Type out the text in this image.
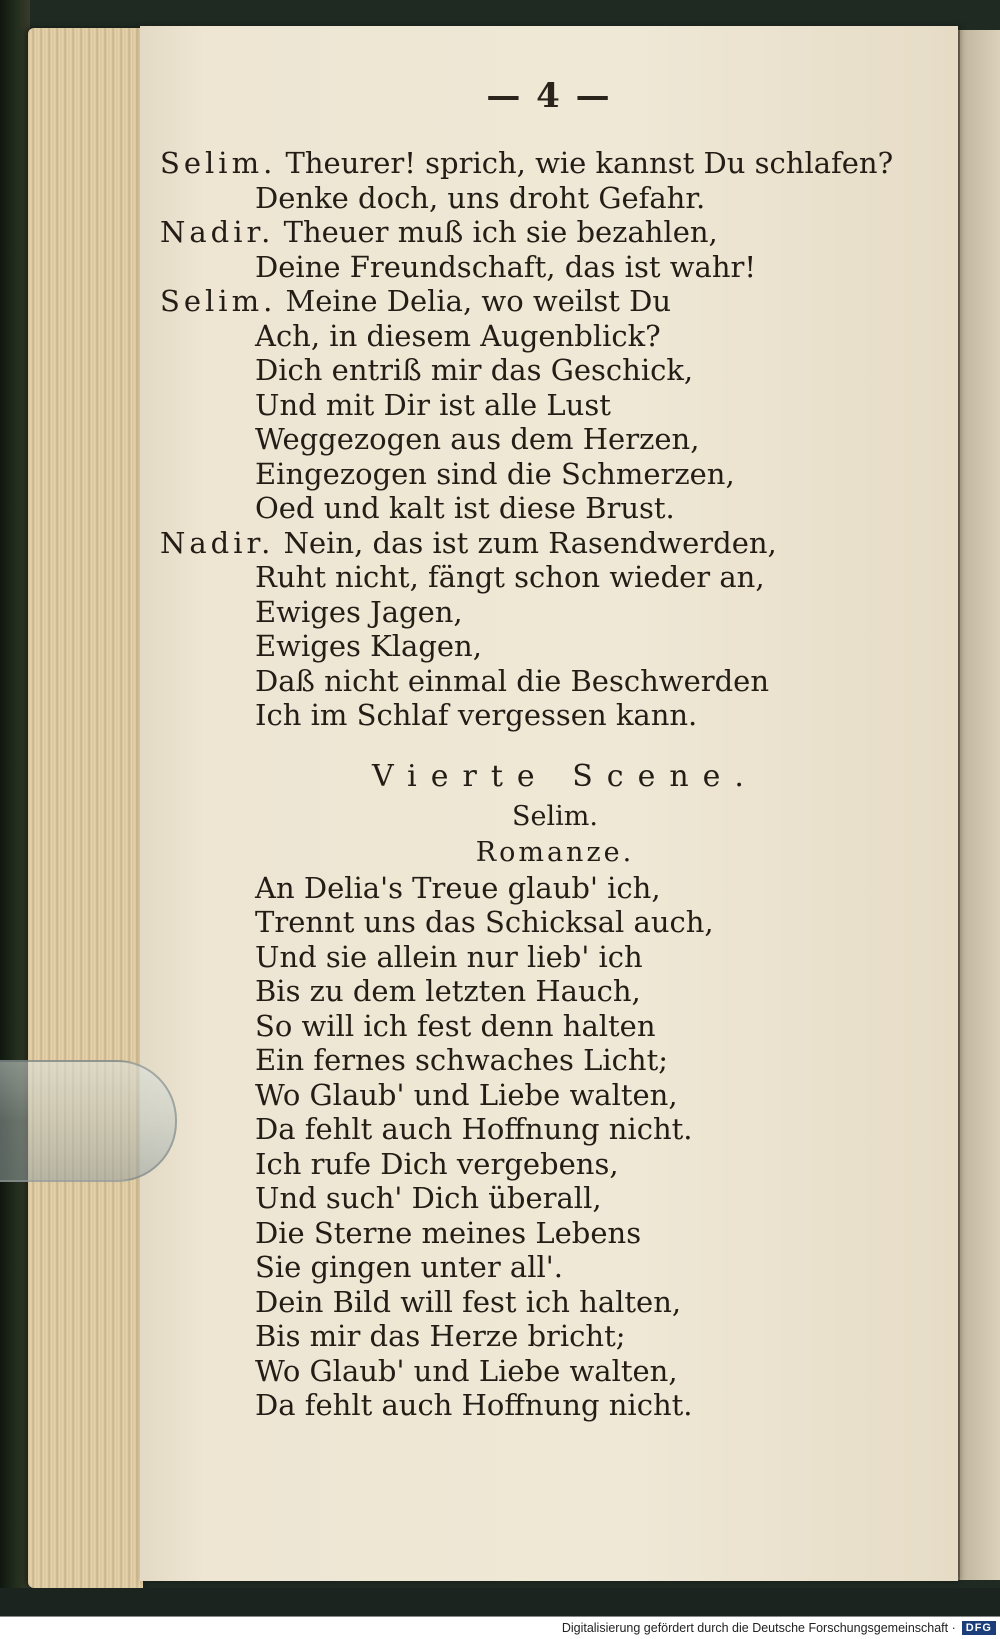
— 4 —
Selim. Theurer! sprich, wie kannst Du schlafen?
Denke doch, uns droht Gefahr.
Nadir. Theuer muß ich sie bezahlen,
Deine Freundschaft, das ist wahr!
Selim. Meine Delia, wo weilst Du
Ach, in diesem Augenblick?
Dich entriß mir das Geschick,
Und mit Dir ist alle Lust
Weggezogen aus dem Herzen,
Eingezogen sind die Schmerzen,
Oed und kalt ist diese Brust.
Nadir. Nein, das ist zum Rasendwerden,
Ruht nicht, fängt schon wieder an,
Ewiges Jagen,
Ewiges Klagen,
Daß nicht einmal die Beschwerden
Ich im Schlaf vergessen kann.
Vierte Scene.
Selim.
Romanze.
An Delia's Treue glaub' ich,
Trennt uns das Schicksal auch,
Und sie allein nur lieb' ich
Bis zu dem letzten Hauch,
So will ich fest denn halten
Ein fernes schwaches Licht;
Wo Glaub' und Liebe walten,
Da fehlt auch Hoffnung nicht.
Ich rufe Dich vergebens,
Und such' Dich überall,
Die Sterne meines Lebens
Sie gingen unter all'.
Dein Bild will fest ich halten,
Bis mir das Herze bricht;
Wo Glaub' und Liebe walten,
Da fehlt auch Hoffnung nicht.
Digitalisierung gefördert durch die Deutsche Forschungsgemeinschaft · DFG
